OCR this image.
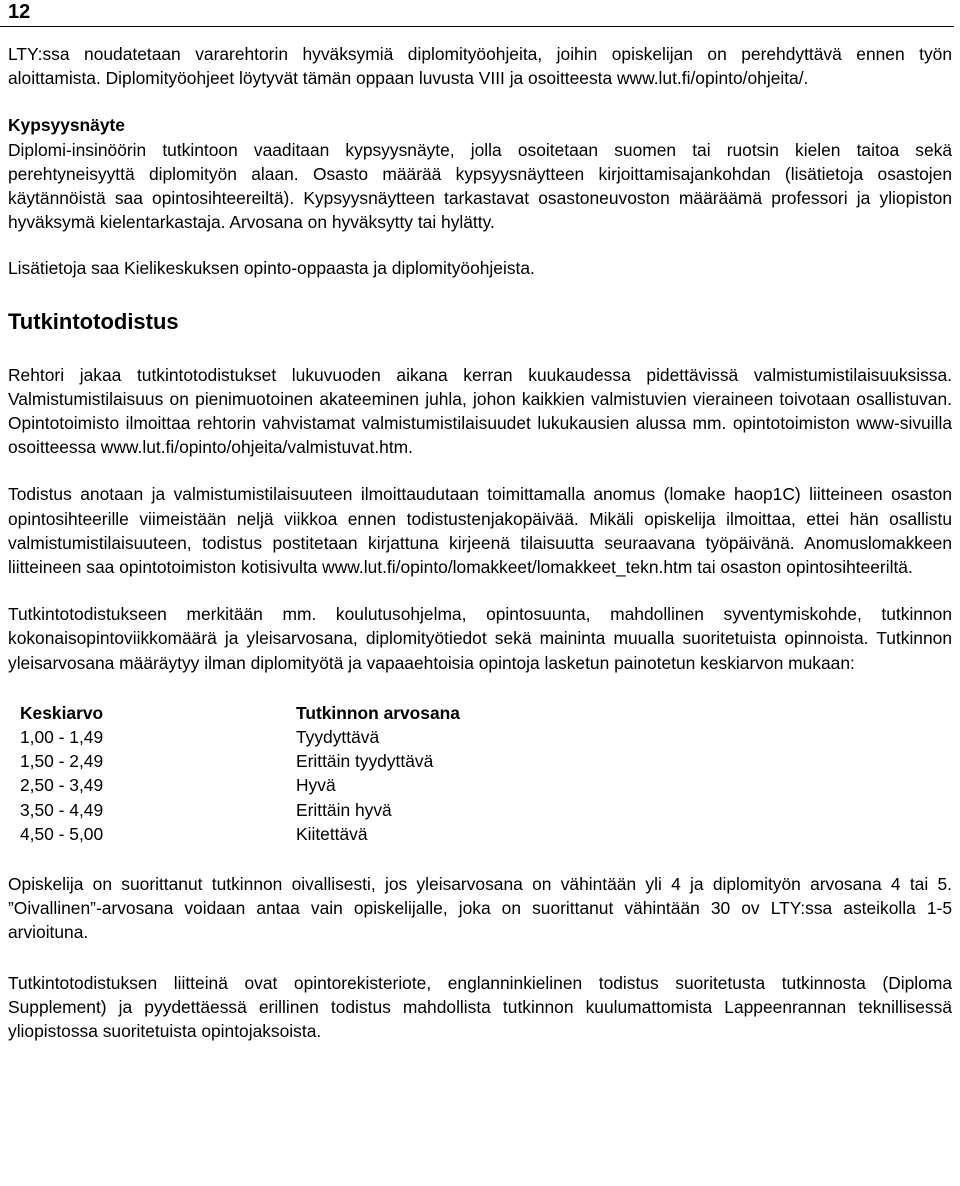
12

LTY:ssa noudatetaan vararehtorin hyväksymiä diplomityöohjeita, joihin opiskelijan on perehdyttävä ennen työn aloittamista. Diplomityöohjeet löytyvät tämän oppaan luvusta VIII ja osoitteesta www.lut.fi/opinto/ohjeita/.

Kypsyysnäyte

Diplomi-insinöörin tutkintoon vaaditaan kypsyysnäyte, jolla osoitetaan suomen tai ruotsin kielen taitoa sekä perehtyneisyyttä diplomityön alaan. Osasto määrää kypsyysnäytteen kirjoittamisajankohdan (lisätietoja osastojen käytännöistä saa opintosihteereiltä). Kypsyysnäytteen tarkastavat osastoneuvoston määräämä professori ja yliopiston hyväksymä kielentarkastaja. Arvosana on hyväksytty tai hylätty.

Lisätietoja saa Kielikeskuksen opinto-oppaasta ja diplomityöohjeista.

Tutkintotodistus

Rehtori jakaa tutkintotodistukset lukuvuoden aikana kerran kuukaudessa pidettävissä valmistumistilaisuuksissa. Valmistumistilaisuus on pienimuotoinen akateeminen juhla, johon kaikkien valmistuvien vieraineen toivotaan osallistuvan. Opintotoimisto ilmoittaa rehtorin vahvistamat valmistumistilaisuudet lukukausien alussa mm. opintotoimiston www-sivuilla osoitteessa www.lut.fi/opinto/ohjeita/valmistuvat.htm.

Todistus anotaan ja valmistumistilaisuuteen ilmoittaudutaan toimittamalla anomus (lomake haop1C) liitteineen osaston opintosihteerille viimeistään neljä viikkoa ennen todistustenjakopäivää. Mikäli opiskelija ilmoittaa, ettei hän osallistu valmistumistilaisuuteen, todistus postitetaan kirjattuna kirjeenä tilaisuutta seuraavana työpäivänä. Anomuslomakkeen liitteineen saa opintotoimiston kotisivulta www.lut.fi/opinto/lomakkeet/lomakkeet_tekn.htm tai osaston opintosihteeriltä.

Tutkintotodistukseen merkitään mm. koulutusohjelma, opintosuunta, mahdollinen syventymiskohde, tutkinnon kokonaisopintoviikkomäärä ja yleisarvosana, diplomityötiedot sekä maininta muualla suoritetuista opinnoista. Tutkinnon yleisarvosana määräytyy ilman diplomityötä ja vapaaehtoisia opintoja lasketun painotetun keskiarvon mukaan:

Keskiarvo	Tutkinnon arvosana
1,00 - 1,49	Tyydyttävä
1,50 - 2,49	Erittäin tyydyttävä
2,50 - 3,49	Hyvä
3,50 - 4,49	Erittäin hyvä
4,50 - 5,00	Kiitettävä

Opiskelija on suorittanut tutkinnon oivallisesti, jos yleisarvosana on vähintään yli 4 ja diplomityön arvosana 4 tai 5. ”Oivallinen”-arvosana voidaan antaa vain opiskelijalle, joka on suorittanut vähintään 30 ov LTY:ssa asteikolla 1-5 arvioituna.

Tutkintotodistuksen liitteinä ovat opintorekisteriote, englanninkielinen todistus suoritetusta tutkinnosta (Diploma Supplement) ja pyydettäessä erillinen todistus mahdollista tutkinnon kuulumattomista Lappeenrannan teknillisessä yliopistossa suoritetuista opintojaksoista.
